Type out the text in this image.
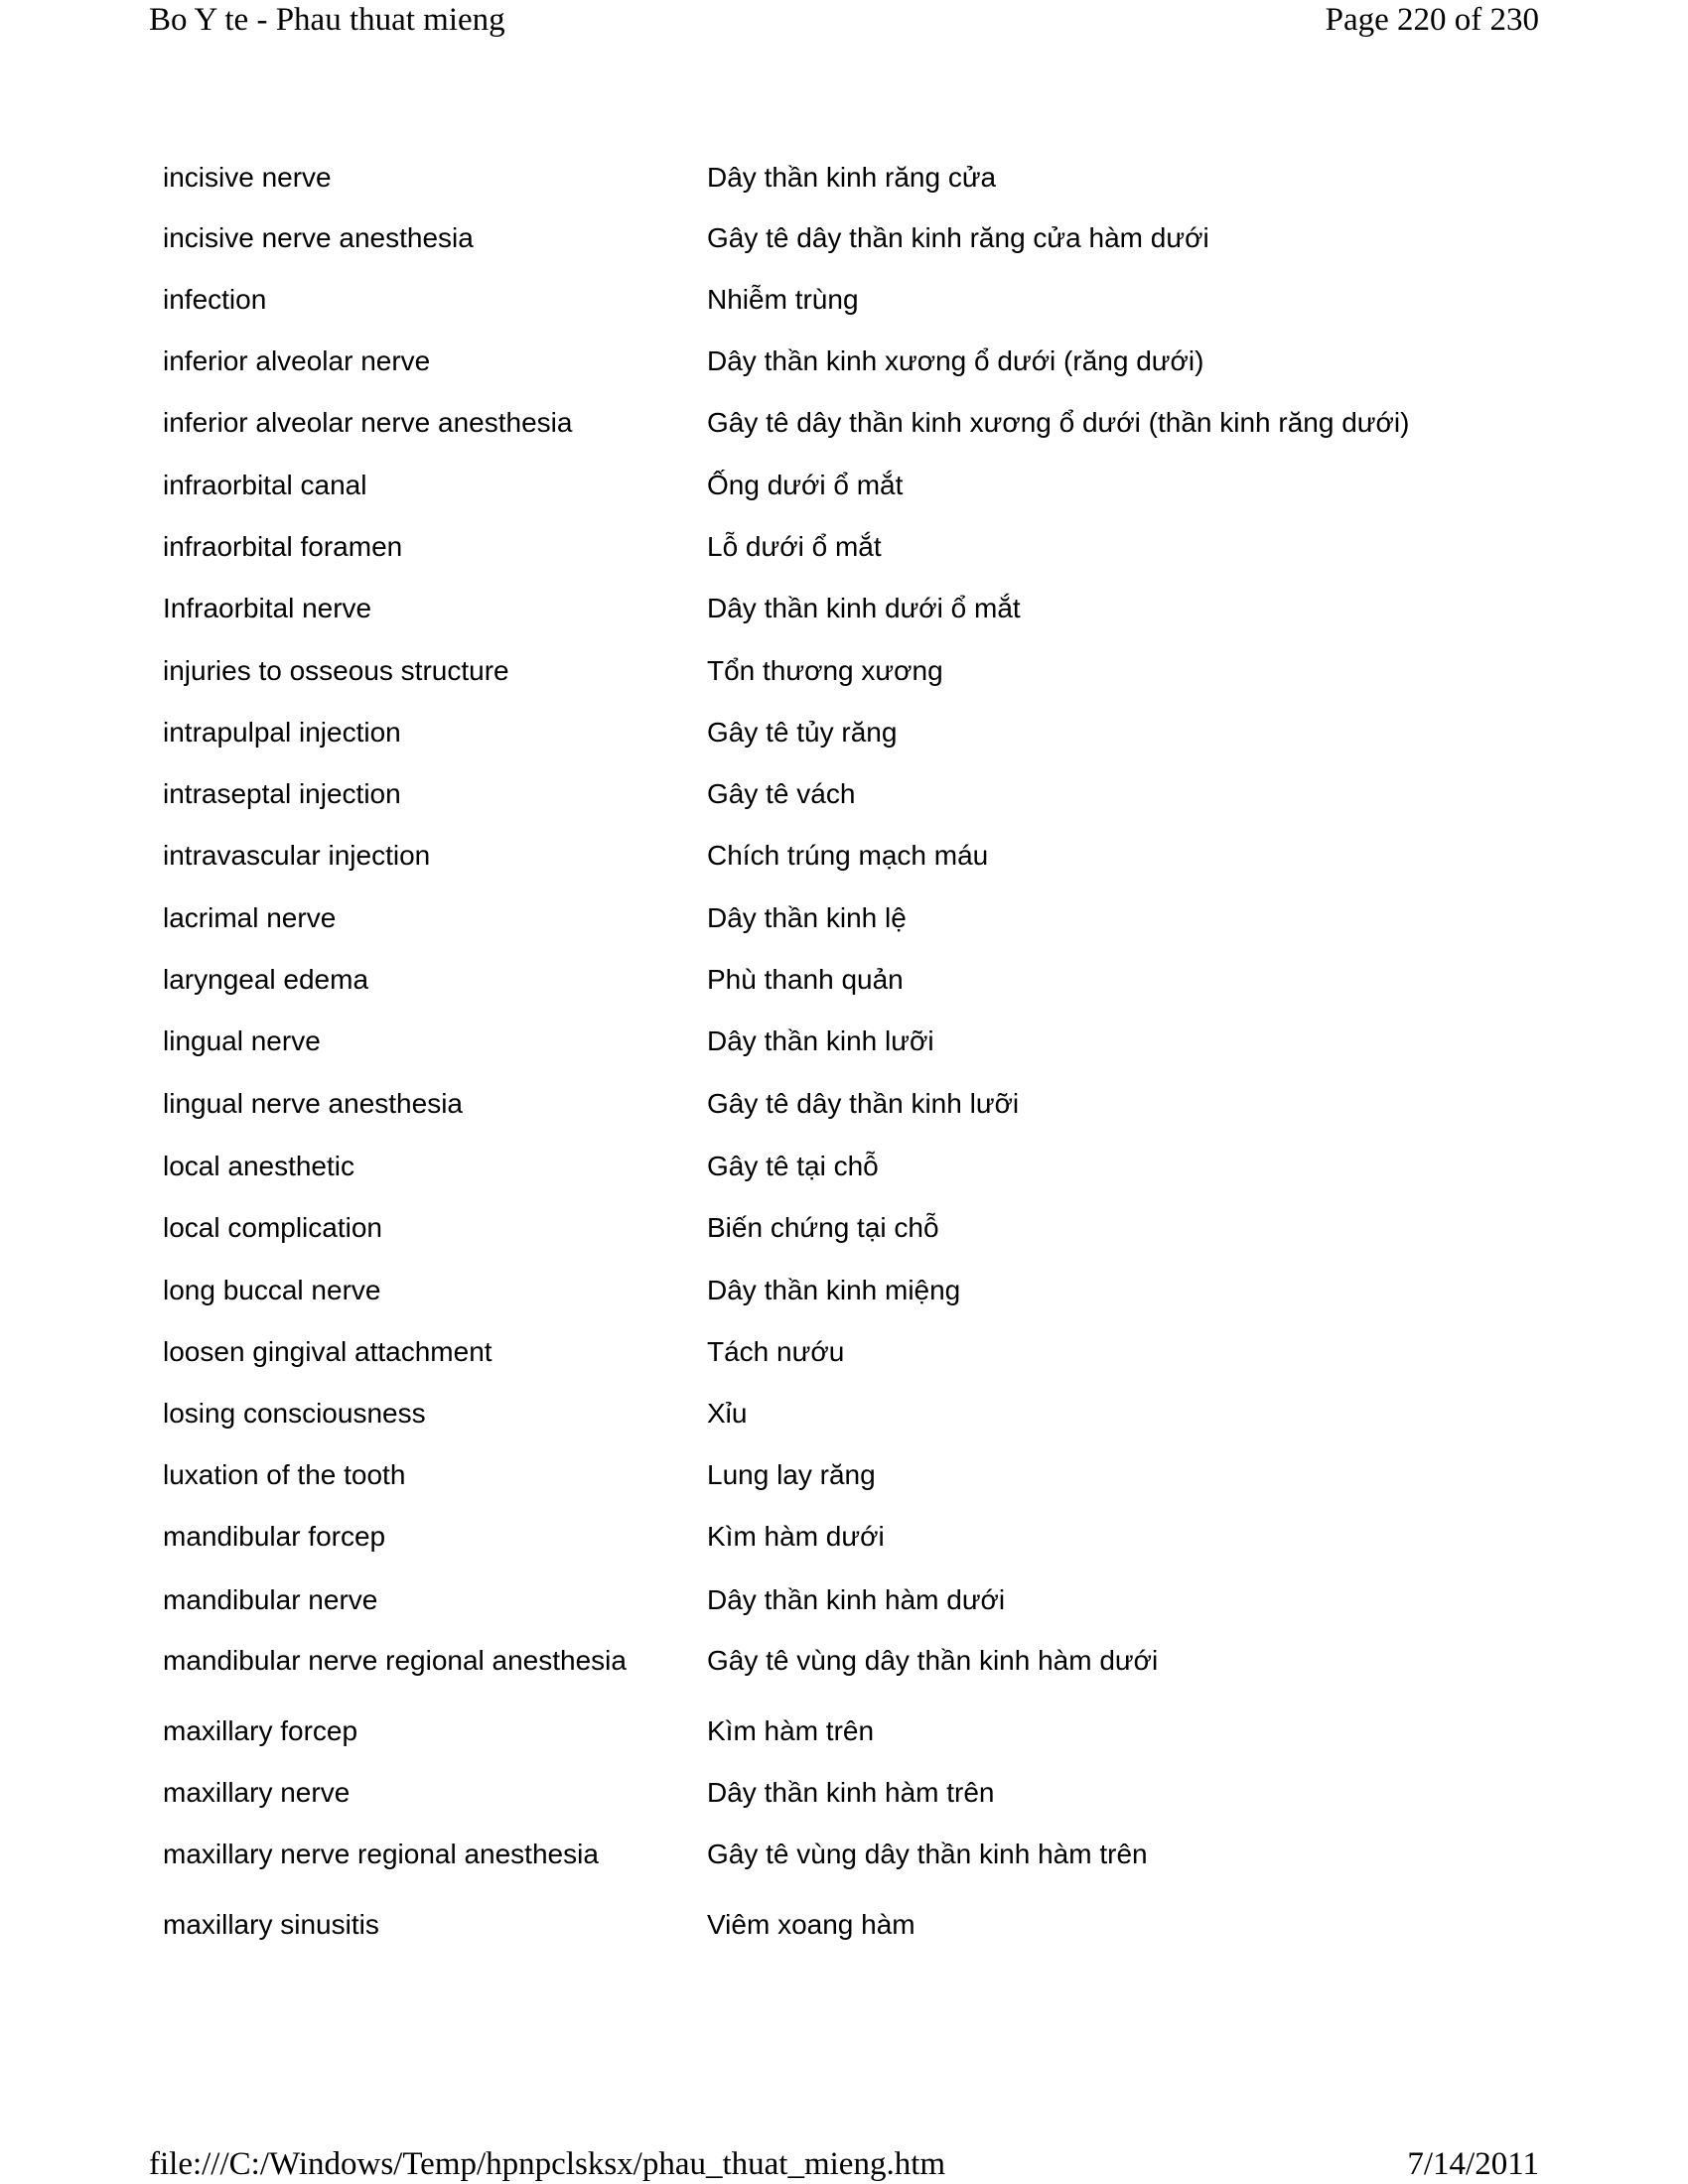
Bo Y te - Phau thuat mieng	Page 220 of 230
incisive nerve	Dây thần kinh răng cửa
incisive nerve anesthesia	Gây tê dây thần kinh răng cửa hàm dưới
infection	Nhiễm trùng
inferior alveolar nerve	Dây thần kinh xương ổ dưới (răng dưới)
inferior alveolar nerve anesthesia	Gây tê dây thần kinh xương ổ dưới (thần kinh răng dưới)
infraorbital canal	Ống dưới ổ mắt
infraorbital foramen	Lỗ dưới ổ mắt
Infraorbital nerve	Dây thần kinh dưới ổ mắt
injuries to osseous structure	Tổn thương xương
intrapulpal injection	Gây tê tủy răng
intraseptal injection	Gây tê vách
intravascular injection	Chích trúng mạch máu
lacrimal nerve	Dây thần kinh lệ
laryngeal edema	Phù thanh quản
lingual nerve	Dây thần kinh lưỡi
lingual nerve anesthesia	Gây tê dây thần kinh lưỡi
local anesthetic	Gây tê tại chỗ
local complication	Biến chứng tại chỗ
long buccal nerve	Dây thần kinh miệng
loosen gingival attachment	Tách nướu
losing consciousness	Xỉu
luxation of the tooth	Lung lay răng
mandibular forcep	Kìm hàm dưới
mandibular nerve	Dây thần kinh hàm dưới
mandibular nerve regional anesthesia	Gây tê vùng dây thần kinh hàm dưới
maxillary forcep	Kìm hàm trên
maxillary nerve	Dây thần kinh hàm trên
maxillary nerve regional anesthesia	Gây tê vùng dây thần kinh hàm trên
maxillary sinusitis	Viêm xoang hàm
file:///C:/Windows/Temp/hpnpclsksx/phau_thuat_mieng.htm	7/14/2011
